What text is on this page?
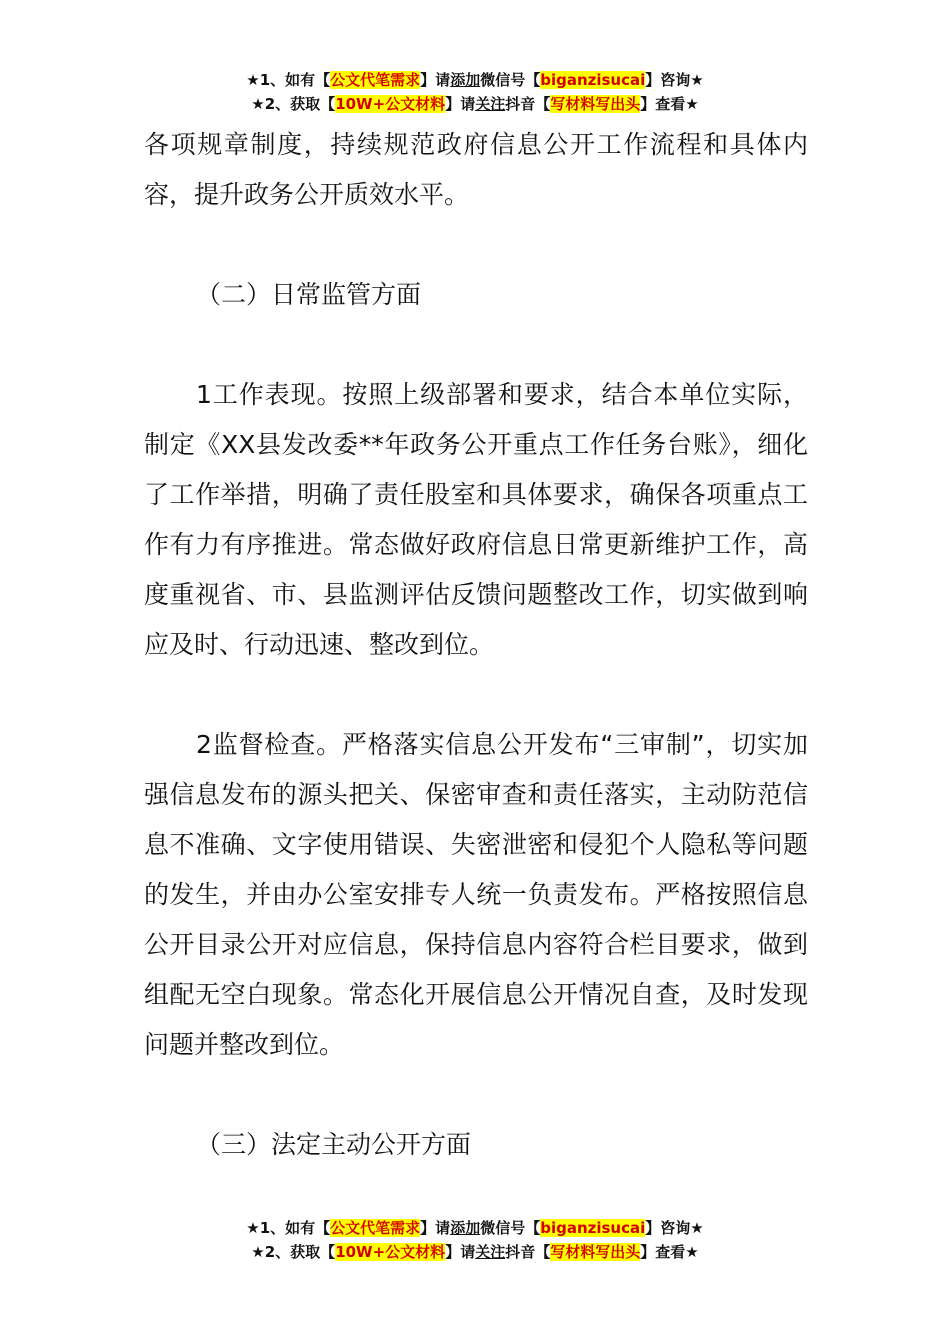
★1、如有【公文代笔需求】请添加微信号【biganzisucai】咨询★
★2、获取【10W+公文材料】请关注抖音【写材料写出头】查看★

各项规章制度，持续规范政府信息公开工作流程和具体内容，提升政务公开质效水平。

（二）日常监管方面

1工作表现。按照上级部署和要求，结合本单位实际，制定《XX县发改委**年政务公开重点工作任务台账》，细化了工作举措，明确了责任股室和具体要求，确保各项重点工作有力有序推进。常态做好政府信息日常更新维护工作，高度重视省、市、县监测评估反馈问题整改工作，切实做到响应及时、行动迅速、整改到位。

2监督检查。严格落实信息公开发布“三审制”，切实加强信息发布的源头把关、保密审查和责任落实，主动防范信息不准确、文字使用错误、失密泄密和侵犯个人隐私等问题的发生，并由办公室安排专人统一负责发布。严格按照信息公开目录公开对应信息，保持信息内容符合栏目要求，做到组配无空白现象。常态化开展信息公开情况自查，及时发现问题并整改到位。

（三）法定主动公开方面

★1、如有【公文代笔需求】请添加微信号【biganzisucai】咨询★
★2、获取【10W+公文材料】请关注抖音【写材料写出头】查看★
